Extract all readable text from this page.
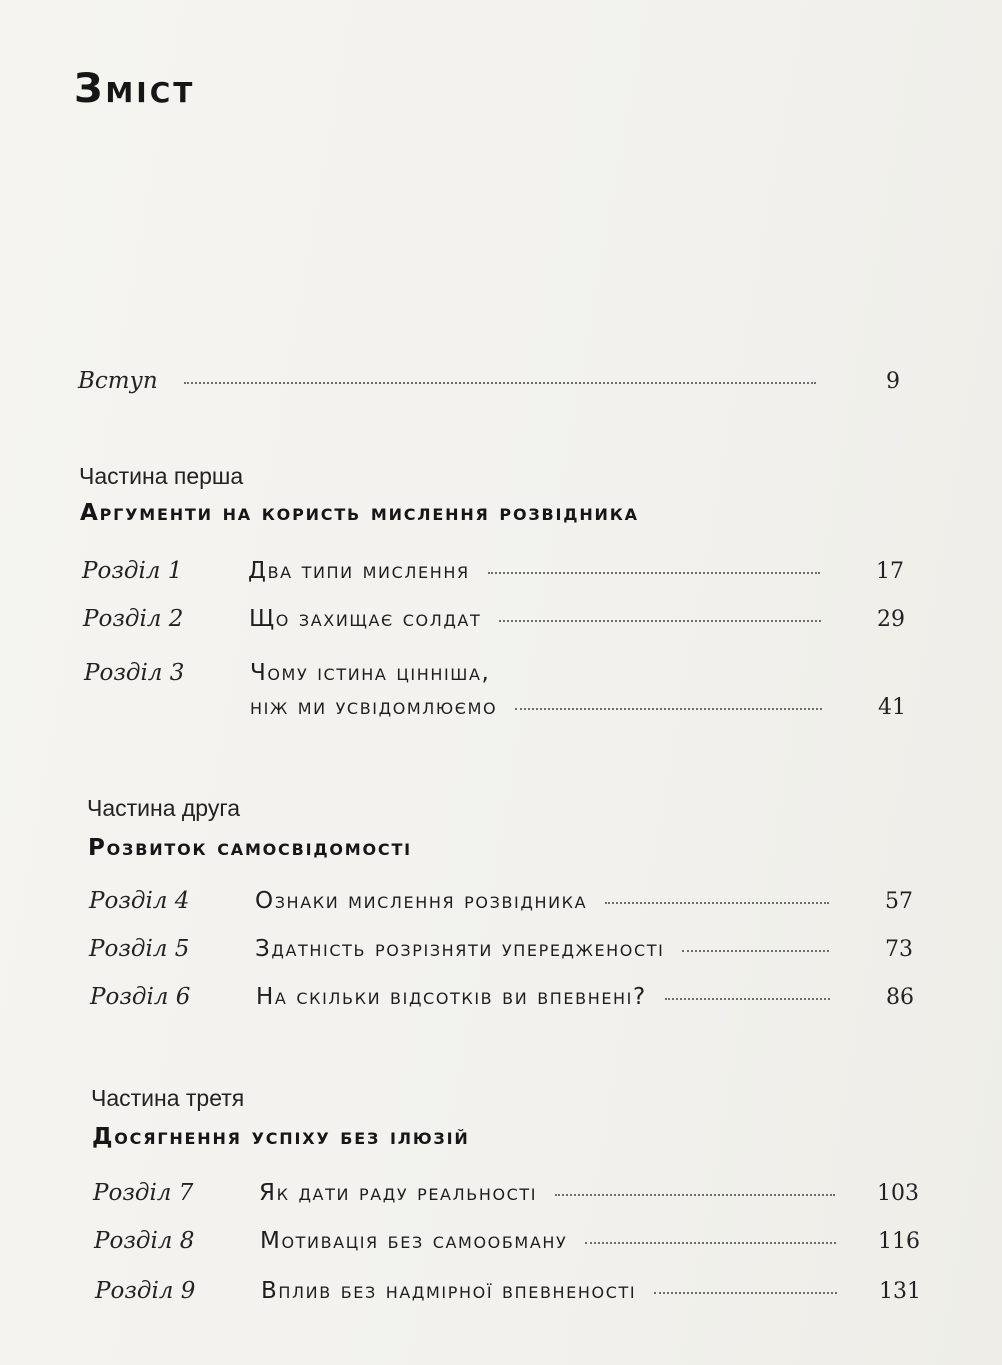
Зміст
Вступ	9
Частина перша
Аргументи на користь мислення розвідника
Розділ 1	Два типи мислення	17
Розділ 2	Що захищає солдат	29
Розділ 3	Чому істина цінніша,
ніж ми усвідомлюємо	41
Частина друга
Розвиток самосвідомості
Розділ 4	Ознаки мислення розвідника	57
Розділ 5	Здатність розрізняти упередженості	73
Розділ 6	На скільки відсотків ви впевнені?	86
Частина третя
Досягнення успіху без ілюзій
Розділ 7	Як дати раду реальності	103
Розділ 8	Мотивація без самообману	116
Розділ 9	Вплив без надмірної впевненості	131
